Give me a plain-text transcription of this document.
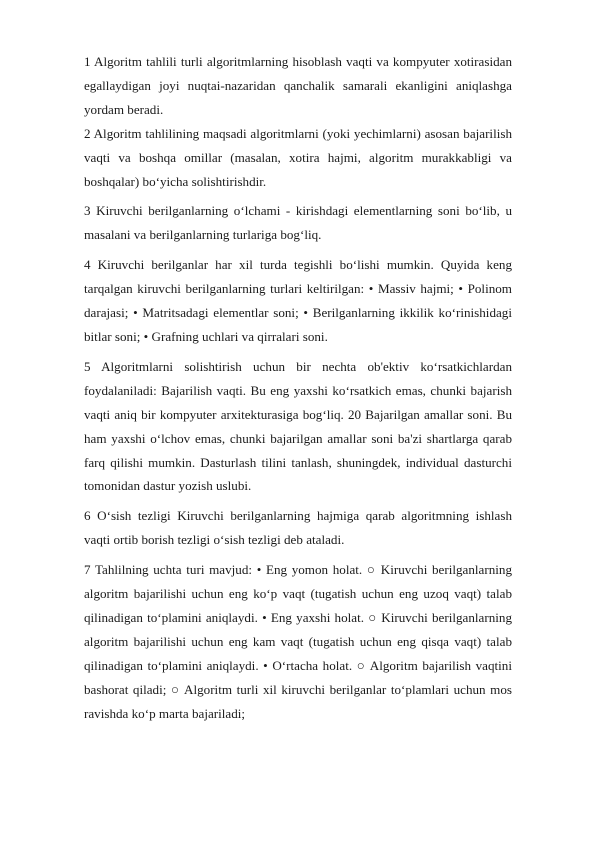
1 Algoritm tahlili turli algoritmlarning hisoblash vaqti va kompyuter xotirasidan egallaydigan joyi nuqtai-nazaridan qanchalik samarali ekanligini aniqlashga yordam beradi.

2 Algoritm tahlilining maqsadi algoritmlarni (yoki yechimlarni) asosan bajarilish vaqti va boshqa omillar (masalan, xotira hajmi, algoritm murakkabligi va boshqalar) bo‘yicha solishtirishdir.

3 Kiruvchi berilganlarning o‘lchami - kirishdagi elementlarning soni bo‘lib, u masalani va berilganlarning turlariga bog‘liq.

4 Kiruvchi berilganlar har xil turda tegishli bo‘lishi mumkin. Quyida keng tarqalgan kiruvchi berilganlarning turlari keltirilgan: • Massiv hajmi; • Polinom darajasi; • Matritsadagi elementlar soni; • Berilganlarning ikkilik ko‘rinishidagi bitlar soni; • Grafning uchlari va qirralari soni.

5 Algoritmlarni solishtirish uchun bir nechta ob'ektiv ko‘rsatkichlardan foydalaniladi: Bajarilish vaqti. Bu eng yaxshi ko‘rsatkich emas, chunki bajarish vaqti aniq bir kompyuter arxitekturasiga bog‘liq. 20 Bajarilgan amallar soni. Bu ham yaxshi o‘lchov emas, chunki bajarilgan amallar soni ba'zi shartlarga qarab farq qilishi mumkin. Dasturlash tilini tanlash, shuningdek, individual dasturchi tomonidan dastur yozish uslubi.

6 O‘sish tezligi Kiruvchi berilganlarning hajmiga qarab algoritmning ishlash vaqti ortib borish tezligi o‘sish tezligi deb ataladi.

7 Tahlilning uchta turi mavjud: • Eng yomon holat. ○ Kiruvchi berilganlarning algoritm bajarilishi uchun eng ko‘p vaqt (tugatish uchun eng uzoq vaqt) talab qilinadigan to‘plamini aniqlaydi. • Eng yaxshi holat. ○ Kiruvchi berilganlarning algoritm bajarilishi uchun eng kam vaqt (tugatish uchun eng qisqa vaqt) talab qilinadigan to‘plamini aniqlaydi. • O‘rtacha holat. ○ Algoritm bajarilish vaqtini bashorat qiladi; ○ Algoritm turli xil kiruvchi berilganlar to‘plamlari uchun mos ravishda ko‘p marta bajariladi;
